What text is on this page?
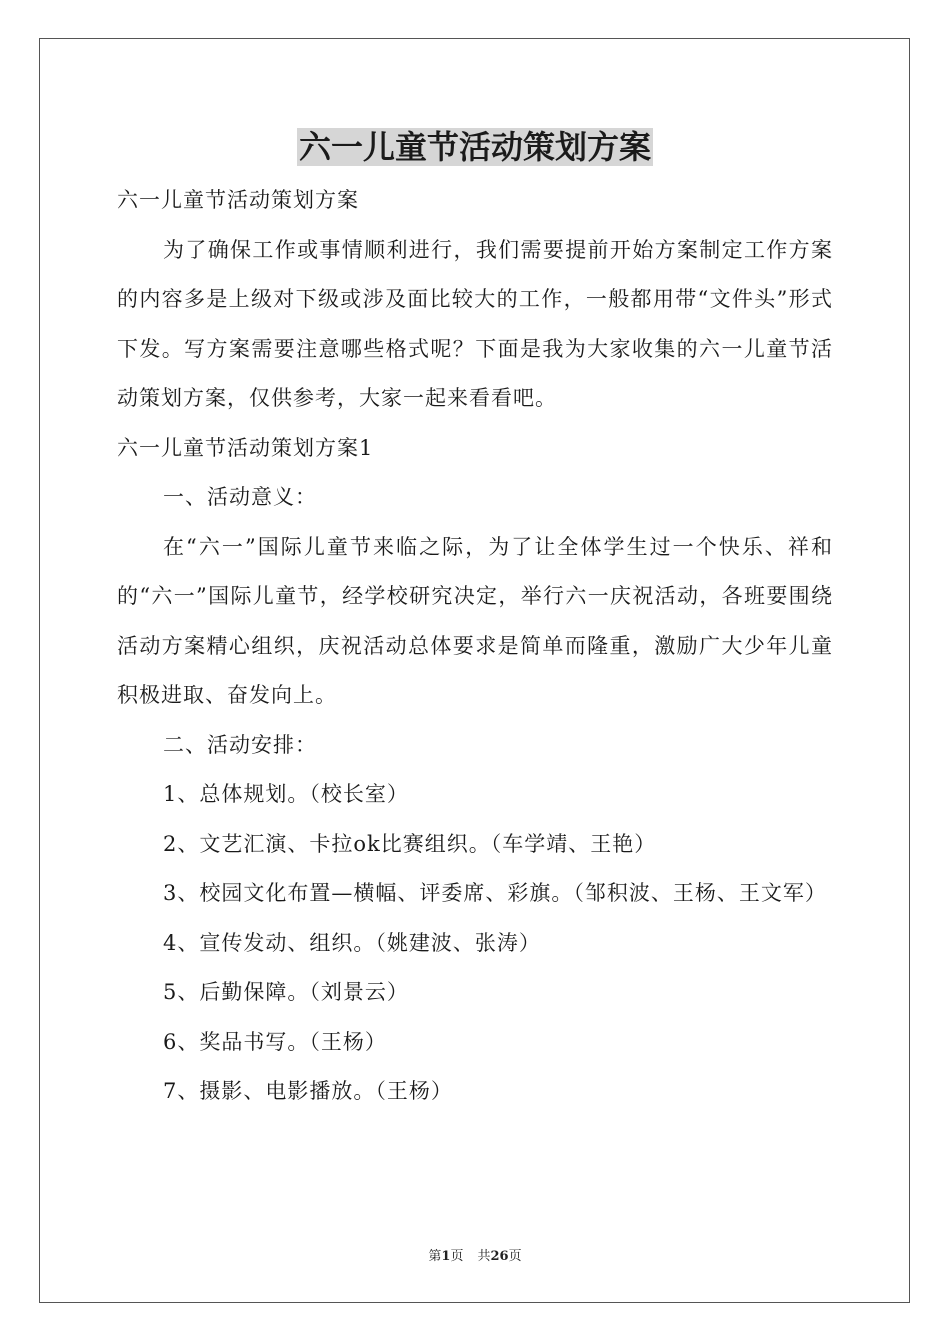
六一儿童节活动策划方案

六一儿童节活动策划方案

为了确保工作或事情顺利进行，我们需要提前开始方案制定工作方案的内容多是上级对下级或涉及面比较大的工作，一般都用带“文件头”形式下发。写方案需要注意哪些格式呢？下面是我为大家收集的六一儿童节活动策划方案，仅供参考，大家一起来看看吧。

六一儿童节活动策划方案1

一、活动意义：

在“六一”国际儿童节来临之际，为了让全体学生过一个快乐、祥和的“六一”国际儿童节，经学校研究决定，举行六一庆祝活动，各班要围绕活动方案精心组织，庆祝活动总体要求是简单而隆重，激励广大少年儿童积极进取、奋发向上。

二、活动安排：

1、总体规划。（校长室）

2、文艺汇演、卡拉ok比赛组织。（车学靖、王艳）

3、校园文化布置—横幅、评委席、彩旗。（邹积波、王杨、王文军）

4、宣传发动、组织。（姚建波、张涛）

5、后勤保障。（刘景云）

6、奖品书写。（王杨）

7、摄影、电影播放。（王杨）

第1页 共26页
